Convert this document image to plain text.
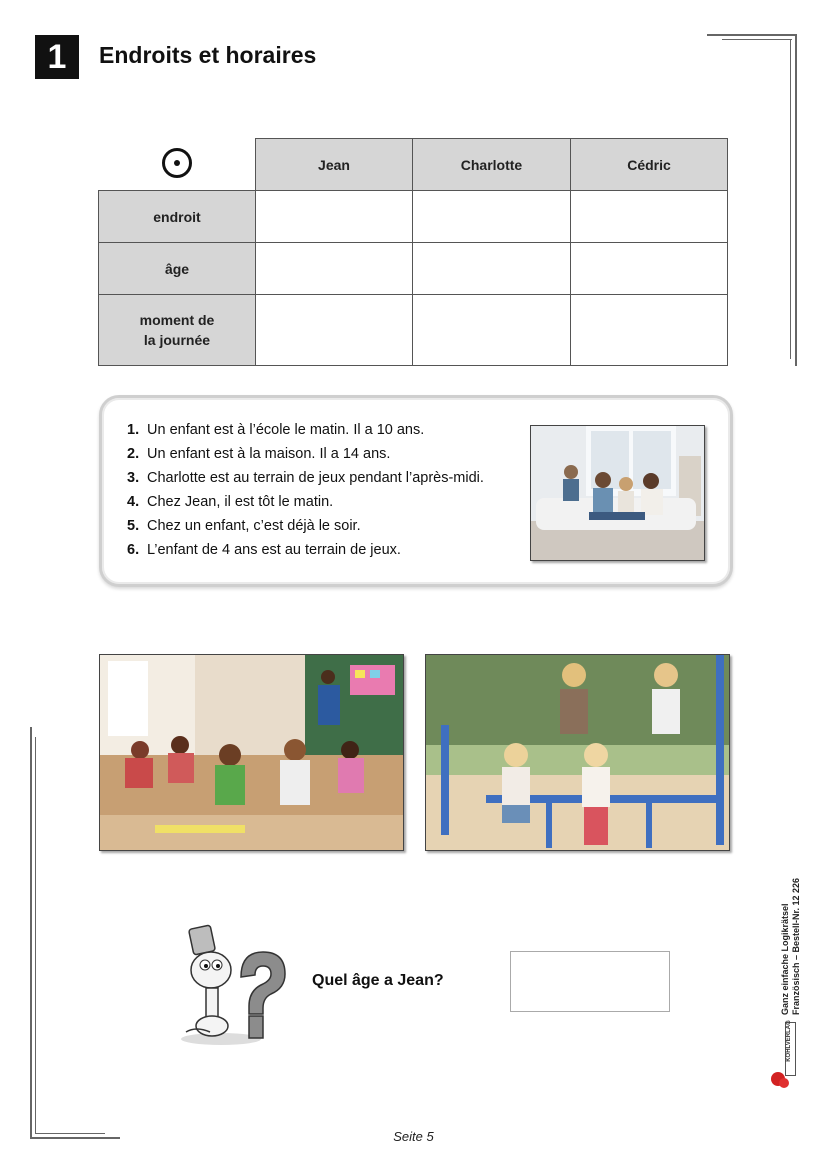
1	Endroits et horaires
	Jean	Charlotte	Cédric
endroit			
âge			

moment de la journée			

1. Un enfant est à l’école le matin. Il a 10 ans.
2. Un enfant est à la maison. Il a 14 ans.
3. Charlotte est au terrain de jeux pendant l’après-midi.
4. Chez Jean, il est tôt le matin.
5. Chez un enfant, c’est déjà le soir.
6. L’enfant de 4 ans est au terrain de jeux.
Quel âge a Jean?	Ganz einfache Logikrätsel Französisch – Bestell-Nr. 12 226
KOHLVERLAG
Seite 5
